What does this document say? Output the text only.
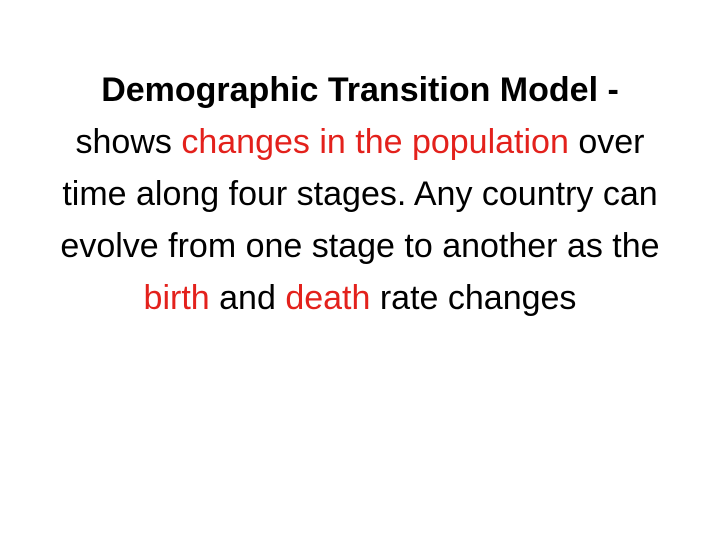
Demographic Transition Model -
shows changes in the population over time along four stages. Any country can evolve from one stage to another as the birth and death rate changes
